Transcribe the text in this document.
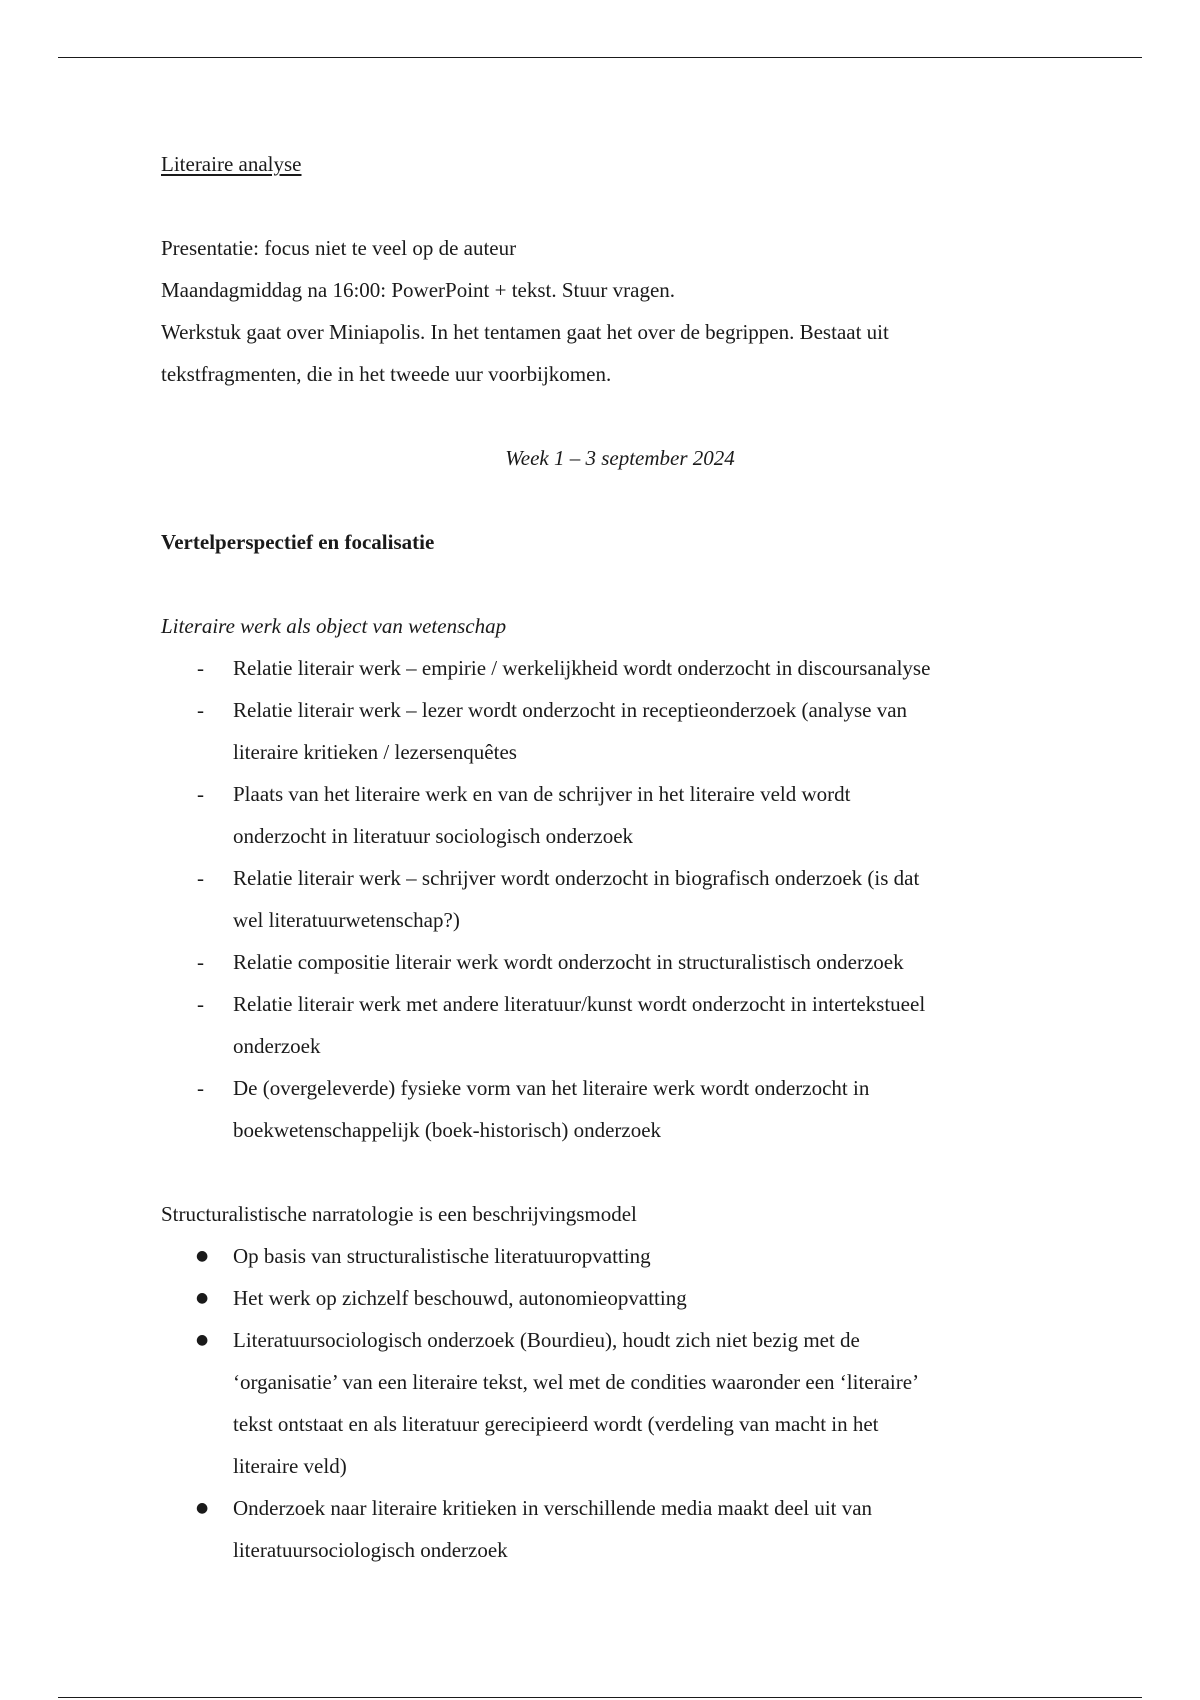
Literaire analyse

Presentatie: focus niet te veel op de auteur

Maandagmiddag na 16:00: PowerPoint + tekst. Stuur vragen.

Werkstuk gaat over Miniapolis. In het tentamen gaat het over de begrippen. Bestaat uit

tekstfragmenten, die in het tweede uur voorbijkomen.

Week 1 – 3 september 2024

Vertelperspectief en focalisatie

Literaire werk als object van wetenschap

- Relatie literair werk – empirie / werkelijkheid wordt onderzocht in discoursanalyse
- Relatie literair werk – lezer wordt onderzocht in receptieonderzoek (analyse van
literaire kritieken / lezersenquêtes
- Plaats van het literaire werk en van de schrijver in het literaire veld wordt
onderzocht in literatuur sociologisch onderzoek
- Relatie literair werk – schrijver wordt onderzocht in biografisch onderzoek (is dat
wel literatuurwetenschap?)
- Relatie compositie literair werk wordt onderzocht in structuralistisch onderzoek
- Relatie literair werk met andere literatuur/kunst wordt onderzocht in intertekstueel
onderzoek
- De (overgeleverde) fysieke vorm van het literaire werk wordt onderzocht in
boekwetenschappelijk (boek-historisch) onderzoek

Structuralistische narratologie is een beschrijvingsmodel

● Op basis van structuralistische literatuuropvatting
● Het werk op zichzelf beschouwd, autonomieopvatting
● Literatuursociologisch onderzoek (Bourdieu), houdt zich niet bezig met de
‘organisatie’ van een literaire tekst, wel met de condities waaronder een ‘literaire’
tekst ontstaat en als literatuur gerecipieerd wordt (verdeling van macht in het
literaire veld)
● Onderzoek naar literaire kritieken in verschillende media maakt deel uit van
literatuursociologisch onderzoek
